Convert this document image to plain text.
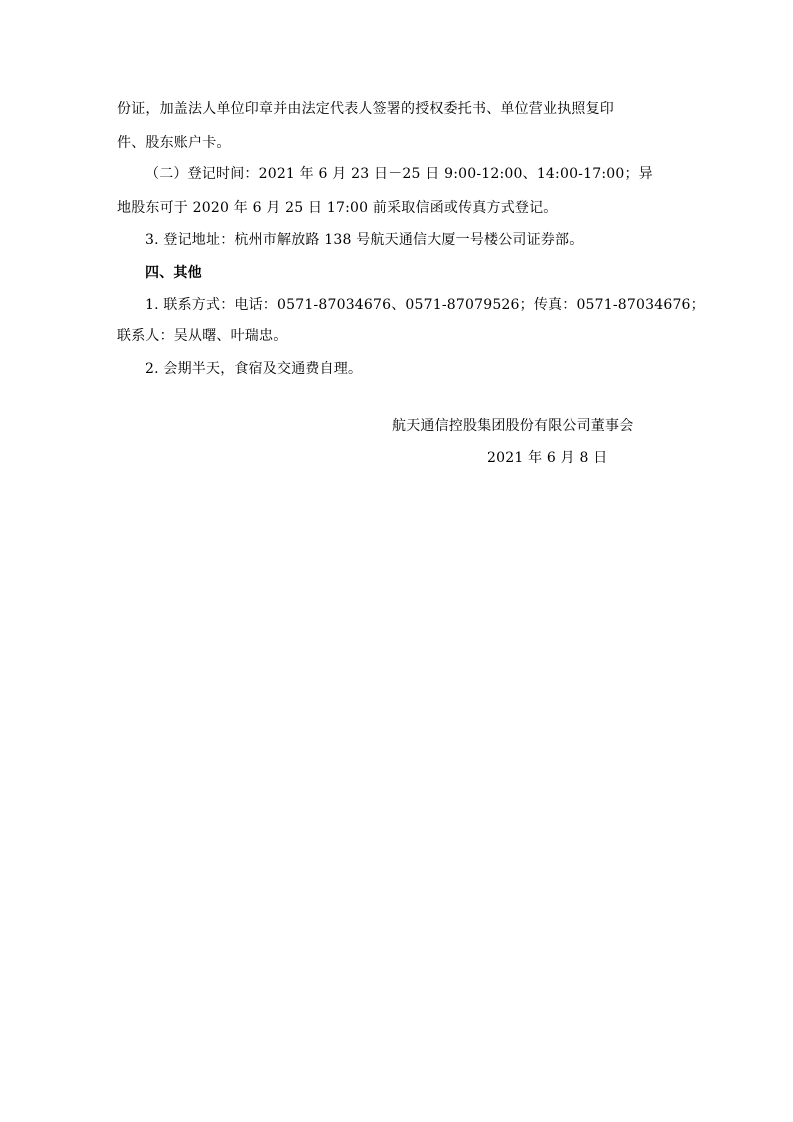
份证，加盖法人单位印章并由法定代表人签署的授权委托书、单位营业执照复印
件、股东账户卡。
（二）登记时间：2021 年 6 月 23 日－25 日 9:00-12:00、14:00-17:00；异
地股东可于 2020 年 6 月 25 日 17:00 前采取信函或传真方式登记。
3. 登记地址：杭州市解放路 138 号航天通信大厦一号楼公司证券部。
四、其他
1. 联系方式：电话：0571-87034676、0571-87079526；传真：0571-87034676；
联系人：吴从曙、叶瑞忠。
2. 会期半天，食宿及交通费自理。
航天通信控股集团股份有限公司董事会
2021 年 6 月 8 日
